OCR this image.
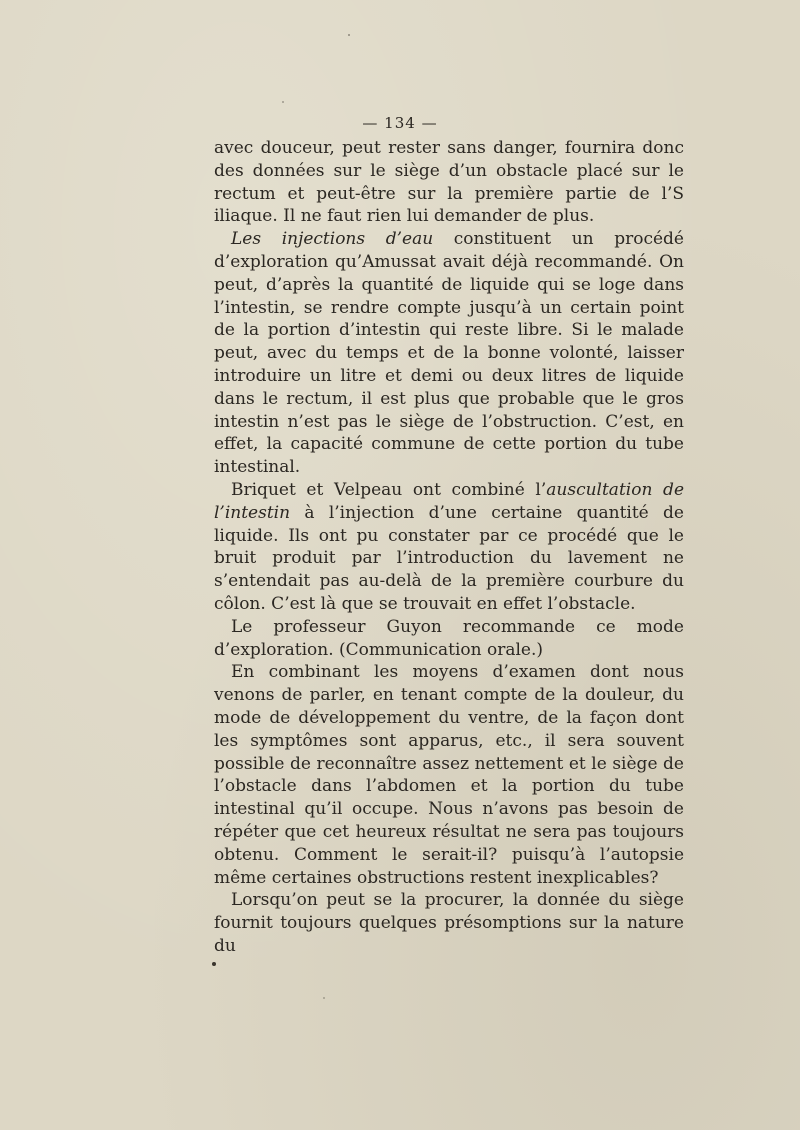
— 134 —

avec douceur, peut rester sans danger, fournira donc des données sur le siège d’un obstacle placé sur le rectum et peut-être sur la première partie de l’S iliaque. Il ne faut rien lui demander de plus.

Les injections d’eau constituent un procédé d’exploration qu’Amussat avait déjà recommandé. On peut, d’après la quantité de liquide qui se loge dans l’intestin, se rendre compte jusqu’à un certain point de la portion d’intestin qui reste libre. Si le malade peut, avec du temps et de la bonne volonté, laisser introduire un litre et demi ou deux litres de liquide dans le rectum, il est plus que probable que le gros intestin n’est pas le siège de l’obstruction. C’est, en effet, la capacité commune de cette portion du tube intestinal.

Briquet et Velpeau ont combiné l’auscultation de l’intestin à l’injection d’une certaine quantité de liquide. Ils ont pu constater par ce procédé que le bruit produit par l’introduction du lavement ne s’entendait pas au-delà de la première courbure du côlon. C’est là que se trouvait en effet l’obstacle.

Le professeur Guyon recommande ce mode d’exploration. (Communication orale.)

En combinant les moyens d’examen dont nous venons de parler, en tenant compte de la douleur, du mode de développement du ventre, de la façon dont les symptômes sont apparus, etc., il sera souvent possible de reconnaître assez nettement et le siège de l’obstacle dans l’abdomen et la portion du tube intestinal qu’il occupe. Nous n’avons pas besoin de répéter que cet heureux résultat ne sera pas toujours obtenu. Comment le serait-il? puisqu’à l’autopsie même certaines obstructions restent inexplicables?

Lorsqu’on peut se la procurer, la donnée du siège fournit toujours quelques présomptions sur la nature du
